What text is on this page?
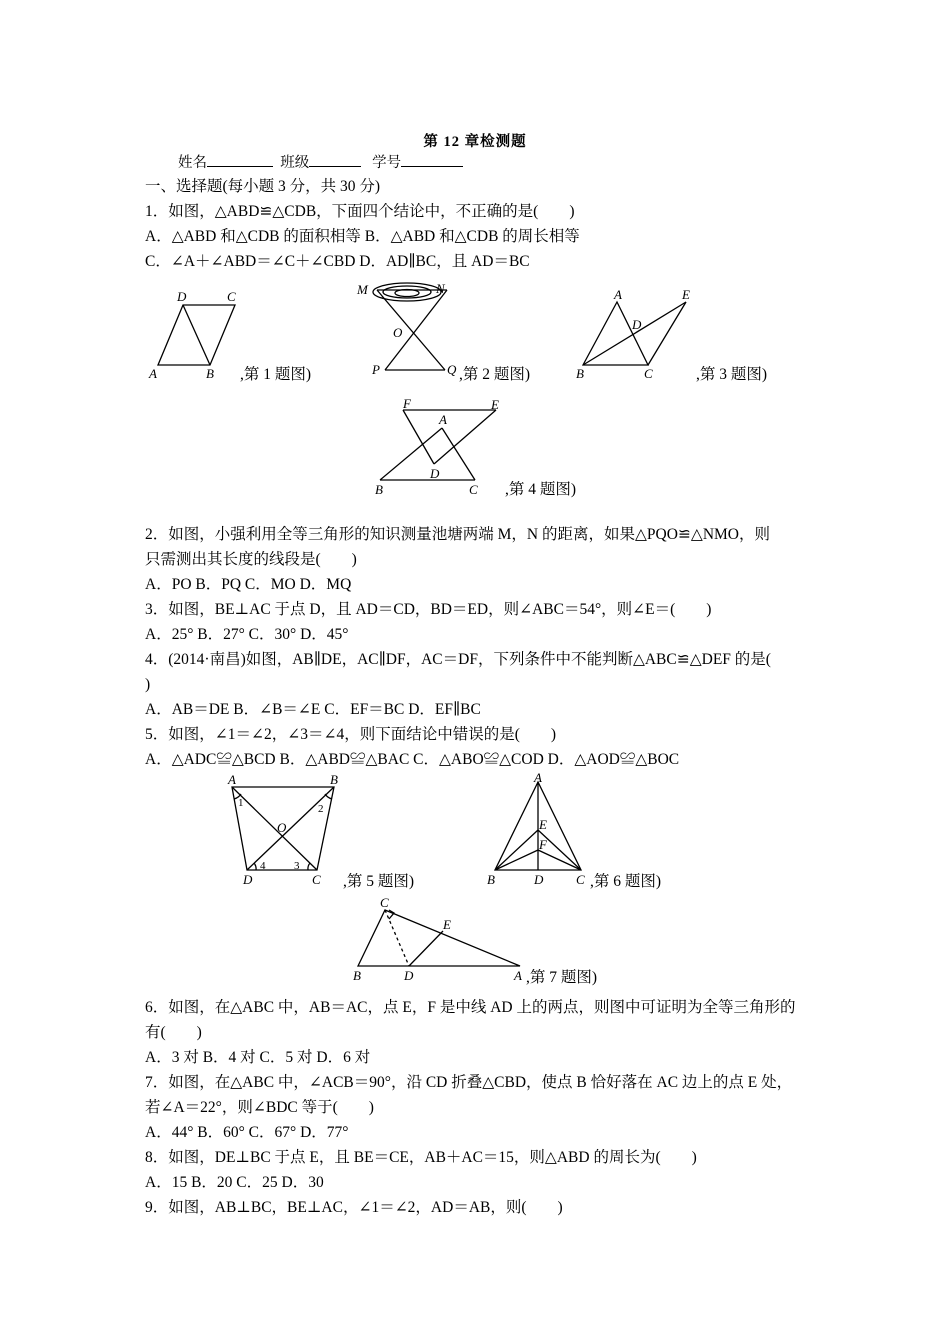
第 12 章检测题
姓名	班级	学号
一、选择题(每小题 3 分，共 30 分)
1．如图，△ABD≌△CDB，下面四个结论中，不正确的是(　　)
A．△ABD 和△CDB 的面积相等 B．△ABD 和△CDB 的周长相等
C．∠A＋∠ABD＝∠C＋∠CBD D．AD∥BC，且 AD＝BC
A	B
C
D
,第 1 题图)
M	N
O
P	Q ,第 2 题图)
A
B	C
D
E
,第 3 题图)
F	E
A
D
B	C ,第 4 题图)
2．如图，小强利用全等三角形的知识测量池塘两端 M，N 的距离，如果△PQO≌△NMO，则
只需测出其长度的线段是(　　)
A．PO B．PQ C．MO D．MQ
3．如图，BE⊥AC 于点 D，且 AD＝CD，BD＝ED，则∠ABC＝54°，则∠E＝(　　)
A．25° B．27° C．30° D．45°
4．(2014·南昌)如图，AB∥DE，AC∥DF，AC＝DF，下列条件中不能判断△ABC≌△DEF 的是(
)
A．AB＝DE B．∠B＝∠E C．EF＝BC D．EF∥BC
5．如图，∠1＝∠2，∠3＝∠4，则下面结论中错误的是(　　)
A．△ADC≌△BCD B．△ABD≌△BAC C．△ABO≌△COD D．△AOD≌△BOC
A	B
C
D
O
1	2
3
4
,第 5 题图)
A
B	C
D
E
F
,第 6 题图)
C
B	D	A
E
,第 7 题图)
6．如图，在△ABC 中，AB＝AC，点 E，F 是中线 AD 上的两点，则图中可证明为全等三角形的
有(　　)
A．3 对 B．4 对 C．5 对 D．6 对
7．如图，在△ABC 中，∠ACB＝90°，沿 CD 折叠△CBD，使点 B 恰好落在 AC 边上的点 E 处，
若∠A＝22°，则∠BDC 等于(　　)
A．44° B．60° C．67° D．77°
8．如图，DE⊥BC 于点 E，且 BE＝CE，AB＋AC＝15，则△ABD 的周长为(　　)
A．15 B．20 C．25 D．30
9．如图，AB⊥BC，BE⊥AC，∠1＝∠2，AD＝AB，则(　　)
